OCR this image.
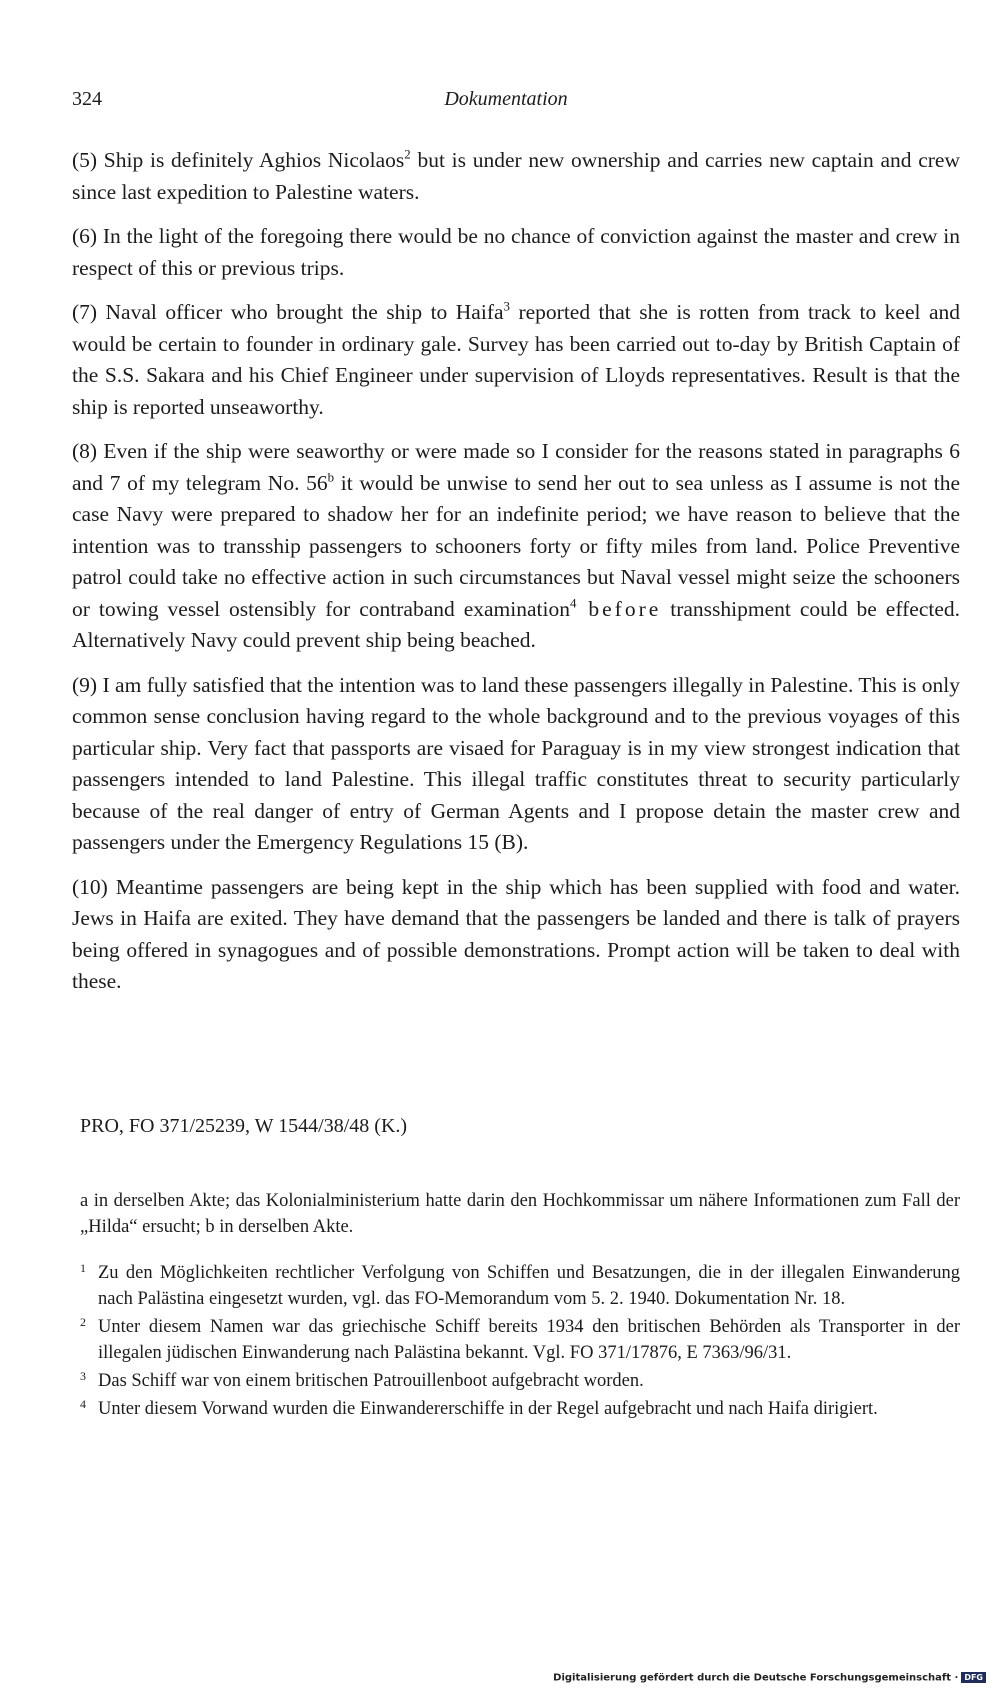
324	Dokumentation

(5) Ship is definitely Aghios Nicolaos$^2$ but is under new ownership and carries new captain and crew since last expedition to Palestine waters.

(6) In the light of the foregoing there would be no chance of conviction against the master and crew in respect of this or previous trips.

(7) Naval officer who brought the ship to Haifa$^3$ reported that she is rotten from track to keel and would be certain to founder in ordinary gale. Survey has been carried out to-day by British Captain of the S.S. Sakara and his Chief Engineer under supervision of Lloyds representatives. Result is that the ship is reported unseaworthy.

(8) Even if the ship were seaworthy or were made so I consider for the reasons stated in paragraphs 6 and 7 of my telegram No. 56$^b$ it would be unwise to send her out to sea unless as I assume is not the case Navy were prepared to shadow her for an indefinite period; we have reason to believe that the intention was to transship passengers to schooners forty or fifty miles from land. Police Preventive patrol could take no effective action in such circumstances but Naval vessel might seize the schooners or towing vessel ostensibly for contraband examination$^4$ before transshipment could be effected. Alternatively Navy could prevent ship being beached.

(9) I am fully satisfied that the intention was to land these passengers illegally in Palestine. This is only common sense conclusion having regard to the whole background and to the previous voyages of this particular ship. Very fact that passports are visaed for Paraguay is in my view strongest indication that passengers intended to land Palestine. This illegal traffic constitutes threat to security particularly because of the real danger of entry of German Agents and I propose detain the master crew and passengers under the Emergency Regulations 15 (B).

(10) Meantime passengers are being kept in the ship which has been supplied with food and water. Jews in Haifa are exited. They have demand that the passengers be landed and there is talk of prayers being offered in synagogues and of possible demonstrations. Prompt action will be taken to deal with these.

PRO, FO 371/25239, W 1544/38/48 (K.)

a in derselben Akte; das Kolonialministerium hatte darin den Hochkommissar um nähere Informationen zum Fall der „Hilda“ ersucht; b in derselben Akte.

1 Zu den Möglichkeiten rechtlicher Verfolgung von Schiffen und Besatzungen, die in der illegalen Einwanderung nach Palästina eingesetzt wurden, vgl. das FO-Memorandum vom 5. 2. 1940. Dokumentation Nr. 18.
2 Unter diesem Namen war das griechische Schiff bereits 1934 den britischen Behörden als Transporter in der illegalen jüdischen Einwanderung nach Palästina bekannt. Vgl. FO 371/17876, E 7363/96/31.
3 Das Schiff war von einem britischen Patrouillenboot aufgebracht worden.
4 Unter diesem Vorwand wurden die Einwandererschiffe in der Regel aufgebracht und nach Haifa dirigiert.
Digitalisierung gefördert durch die Deutsche Forschungsgemeinschaft · DFG
